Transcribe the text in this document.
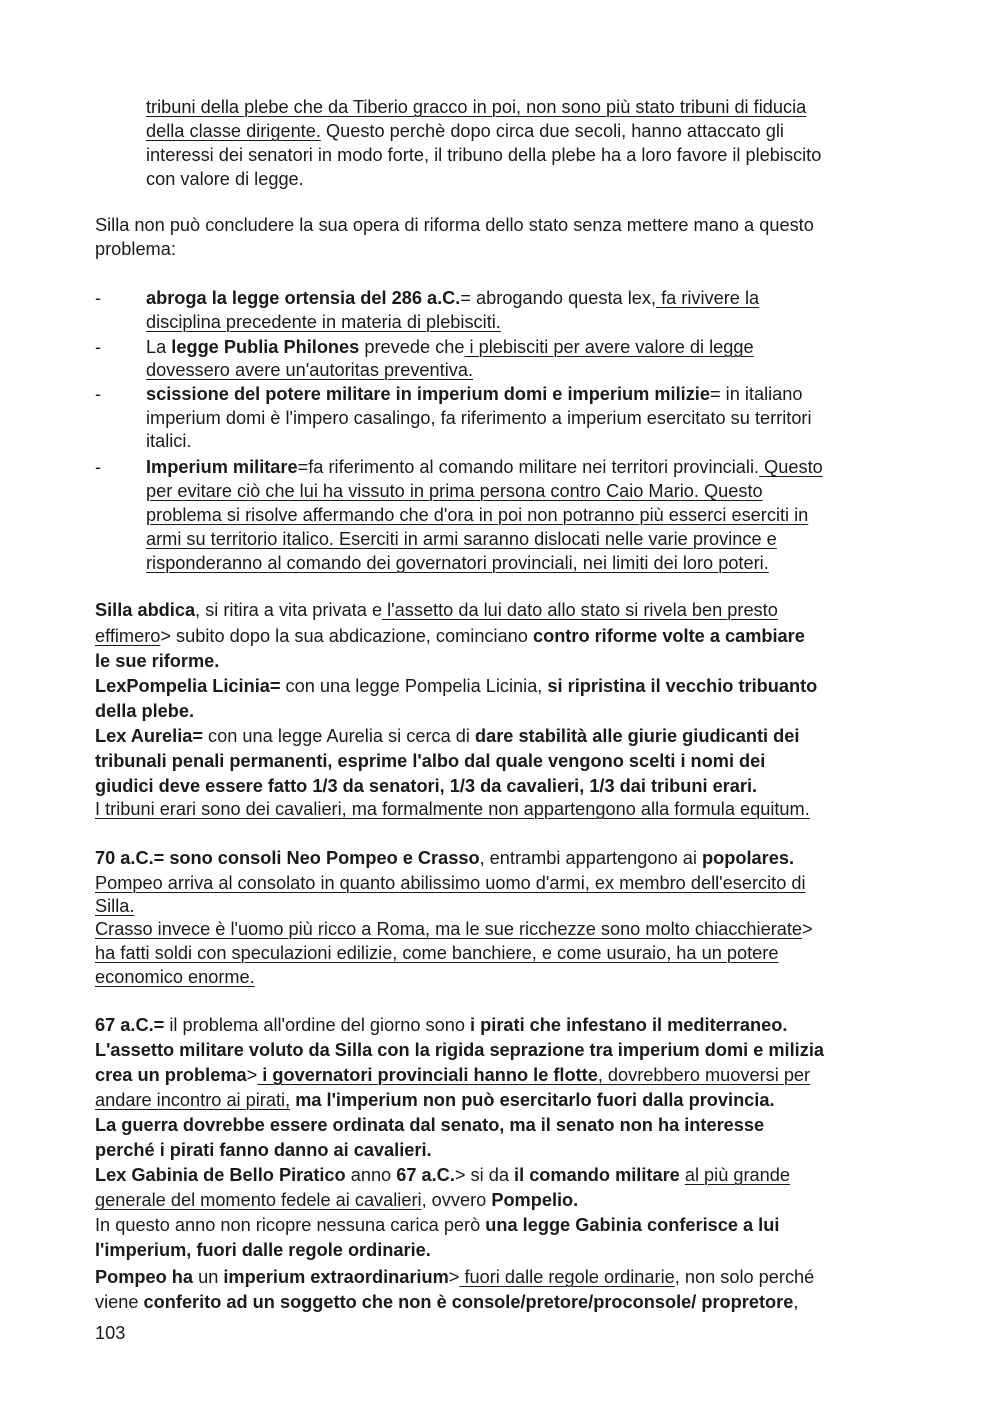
tribuni della plebe che da Tiberio gracco in poi, non sono più stato tribuni di fiducia
della classe dirigente. Questo perchè dopo circa due secoli, hanno attaccato gli
interessi dei senatori in modo forte, il tribuno della plebe ha a loro favore il plebiscito
con valore di legge.
Silla non può concludere la sua opera di riforma dello stato senza mettere mano a questo
problema:
- abroga la legge ortensia del 286 a.C.= abrogando questa lex, fa rivivere la
disciplina precedente in materia di plebisciti.
- La legge Publia Philones prevede che i plebisciti per avere valore di legge
dovessero avere un'autoritas preventiva.
- scissione del potere militare in imperium domi e imperium milizie= in italiano
imperium domi è l'impero casalingo, fa riferimento a imperium esercitato su territori
italici.
- Imperium militare=fa riferimento al comando militare nei territori provinciali. Questo
per evitare ciò che lui ha vissuto in prima persona contro Caio Mario. Questo
problema si risolve affermando che d'ora in poi non potranno più esserci eserciti in
armi su territorio italico. Eserciti in armi saranno dislocati nelle varie province e
risponderanno al comando dei governatori provinciali, nei limiti dei loro poteri.
Silla abdica, si ritira a vita privata e l'assetto da lui dato allo stato si rivela ben presto
effimero> subito dopo la sua abdicazione, cominciano contro riforme volte a cambiare
le sue riforme.
LexPompelia Licinia= con una legge Pompelia Licinia, si ripristina il vecchio tribuanto
della plebe.
Lex Aurelia= con una legge Aurelia si cerca di dare stabilità alle giurie giudicanti dei
tribunali penali permanenti, esprime l'albo dal quale vengono scelti i nomi dei
giudici deve essere fatto 1/3 da senatori, 1/3 da cavalieri, 1/3 dai tribuni erari.
I tribuni erari sono dei cavalieri, ma formalmente non appartengono alla formula equitum.
70 a.C.= sono consoli Neo Pompeo e Crasso, entrambi appartengono ai popolares.
Pompeo arriva al consolato in quanto abilissimo uomo d'armi, ex membro dell'esercito di
Silla.
Crasso invece è l'uomo più ricco a Roma, ma le sue ricchezze sono molto chiacchierate>
ha fatti soldi con speculazioni edilizie, come banchiere, e come usuraio, ha un potere
economico enorme.
67 a.C.= il problema all'ordine del giorno sono i pirati che infestano il mediterraneo.
L'assetto militare voluto da Silla con la rigida seprazione tra imperium domi e milizia
crea un problema> i governatori provinciali hanno le flotte, dovrebbero muoversi per
andare incontro ai pirati, ma l'imperium non può esercitarlo fuori dalla provincia.
La guerra dovrebbe essere ordinata dal senato, ma il senato non ha interesse
perché i pirati fanno danno ai cavalieri.
Lex Gabinia de Bello Piratico anno 67 a.C.> si da il comando militare al più grande
generale del momento fedele ai cavalieri, ovvero Pompelio.
In questo anno non ricopre nessuna carica però una legge Gabinia conferisce a lui
l'imperium, fuori dalle regole ordinarie.
Pompeo ha un imperium extraordinarium> fuori dalle regole ordinarie, non solo perché
viene conferito ad un soggetto che non è console/pretore/proconsole/ propretore,
103
